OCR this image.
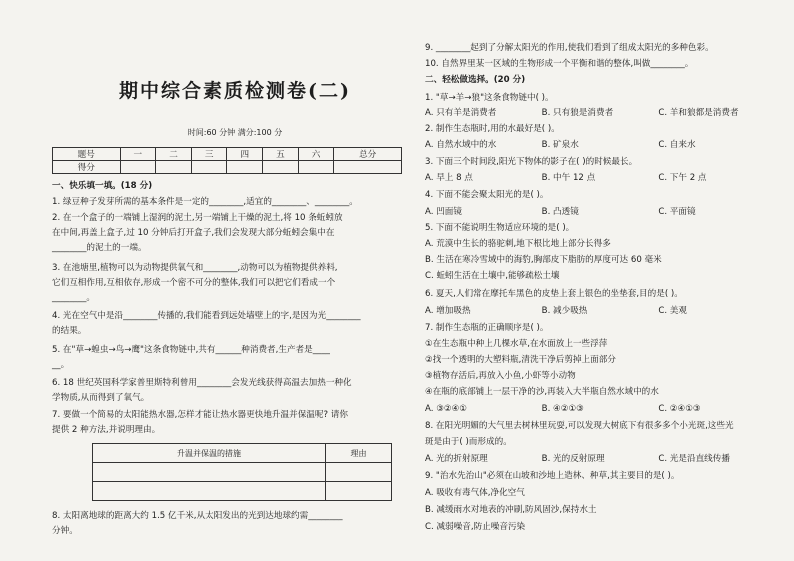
期中综合素质检测卷(二)
时间:60 分钟 满分:100 分
题号	一	二	三	四	五	六	总分
得分							
一、快乐填一填。(18 分)
1. 绿豆种子发芽所需的基本条件是一定的________,适宜的________、________。
2. 在一个盒子的一端铺上湿润的泥土,另一端铺上干燥的泥土,将 10 条蚯蚓放
在中间,再盖上盒子,过 10 分钟后打开盒子,我们会发现大部分蚯蚓会集中在
________的泥土的一端。
3. 在池塘里,植物可以为动物提供氧气和________,动物可以为植物提供养料,
它们互相作用,互相依存,形成一个密不可分的整体,我们可以把它们看成一个
________。
4. 光在空气中是沿________传播的,我们能看到远处墙壁上的字,是因为光________
的结果。
5. 在"草→蝗虫→鸟→鹰"这条食物链中,共有______种消费者,生产者是____
__。
6. 18 世纪英国科学家普里斯特利曾用________会发光线获得高温去加热一种化
学物质,从而得到了氧气。
7. 要做一个简易的太阳能热水器,怎样才能让热水器更快地升温并保温呢? 请你
提供 2 种方法,并说明理由。
升温并保温的措施	理由

8. 太阳离地球的距离大约 1.5 亿千米,从太阳发出的光到达地球约需________
分钟。
9. ________起到了分解太阳光的作用,使我们看到了组成太阳光的多种色彩。
10. 自然界里某一区域的生物形成一个平衡和谐的整体,叫做________。
二、轻松做选择。(20 分)
1. "草→羊→狼"这条食物链中( )。
A. 只有羊是消费者	B. 只有狼是消费者	C. 羊和狼都是消费者
2. 制作生态瓶时,用的水最好是( )。
A. 自然水域中的水	B. 矿泉水	C. 自来水
3. 下面三个时间段,阳光下物体的影子在( )的时候最长。
A. 早上 8 点	B. 中午 12 点	C. 下午 2 点
4. 下面不能会聚太阳光的是( )。
A. 凹面镜	B. 凸透镜	C. 平面镜
5. 下面不能说明生物适应环境的是( )。
A. 荒漠中生长的骆驼刺,地下根比地上部分长得多
B. 生活在寒冷雪域中的海豹,胸部皮下脂肪的厚度可达 60 毫米
C. 蚯蚓生活在土壤中,能够疏松土壤
6. 夏天,人们常在摩托车黑色的皮垫上套上银色的坐垫套,目的是( )。
A. 增加吸热	B. 减少吸热	C. 美观
7. 制作生态瓶的正确顺序是( )。
①在生态瓶中种上几棵水草,在水面放上一些浮萍
②找一个透明的大塑料瓶,清洗干净后剪掉上面部分
③植物存活后,再放入小鱼,小虾等小动物
④在瓶的底部铺上一层干净的沙,再装入大半瓶自然水域中的水
A. ③②④①	B. ④②①③	C. ②④①③
8. 在阳光明媚的大气里去树林里玩耍,可以发现大树底下有很多多个小光斑,这些光
斑是由于( )而形成的。
A. 光的折射原理	B. 光的反射原理	C. 光是沿直线传播
9. "治水先治山"必须在山坡和沙地上造林、种草,其主要目的是( )。
A. 吸收有毒气体,净化空气
B. 减缓雨水对地表的冲刷,防风固沙,保持水土
C. 减弱噪音,防止噪音污染
